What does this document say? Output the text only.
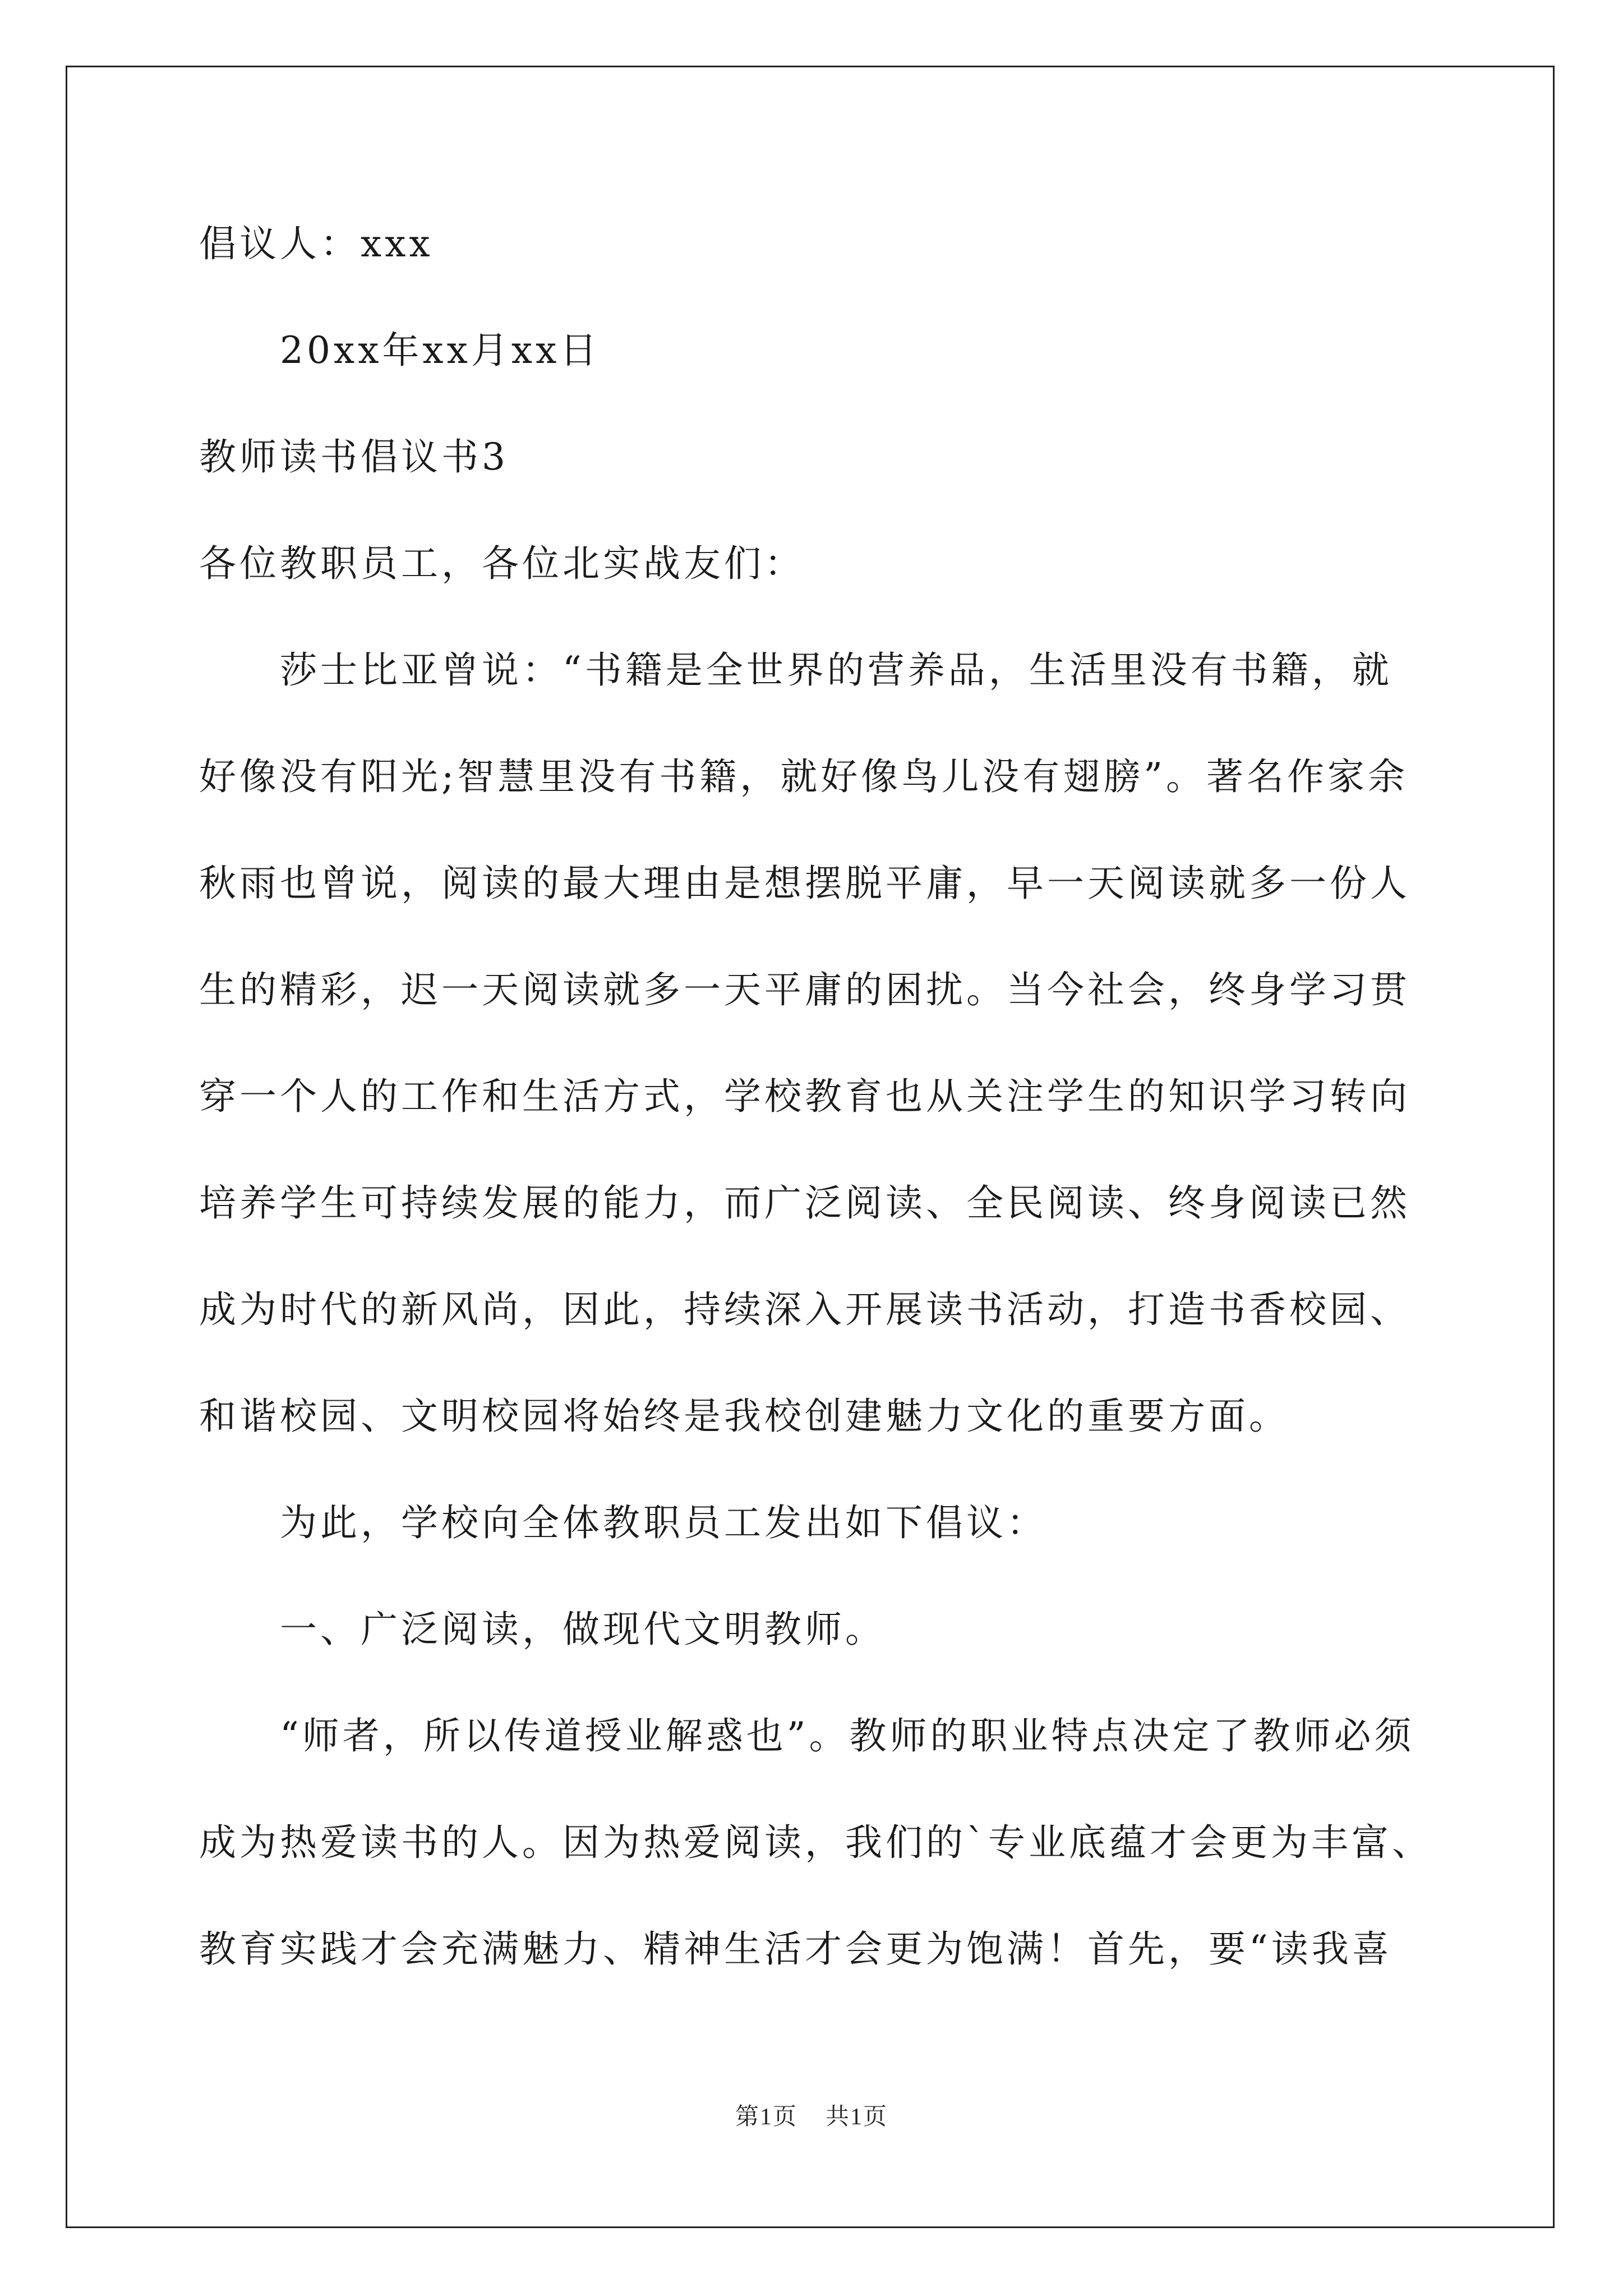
倡议人：xxx
　　20xx年xx月xx日
教师读书倡议书3
各位教职员工，各位北实战友们：
　　莎士比亚曾说：“书籍是全世界的营养品，生活里没有书籍，就
好像没有阳光;智慧里没有书籍，就好像鸟儿没有翅膀”。著名作家余
秋雨也曾说，阅读的最大理由是想摆脱平庸，早一天阅读就多一份人
生的精彩，迟一天阅读就多一天平庸的困扰。当今社会，终身学习贯
穿一个人的工作和生活方式，学校教育也从关注学生的知识学习转向
培养学生可持续发展的能力，而广泛阅读、全民阅读、终身阅读已然
成为时代的新风尚，因此，持续深入开展读书活动，打造书香校园、
和谐校园、文明校园将始终是我校创建魅力文化的重要方面。
　　为此，学校向全体教职员工发出如下倡议：
　　一、广泛阅读，做现代文明教师。
　　“师者，所以传道授业解惑也”。教师的职业特点决定了教师必须
成为热爱读书的人。因为热爱阅读，我们的`专业底蕴才会更为丰富、
教育实践才会充满魅力、精神生活才会更为饱满！首先，要“读我喜
第1页 共1页
